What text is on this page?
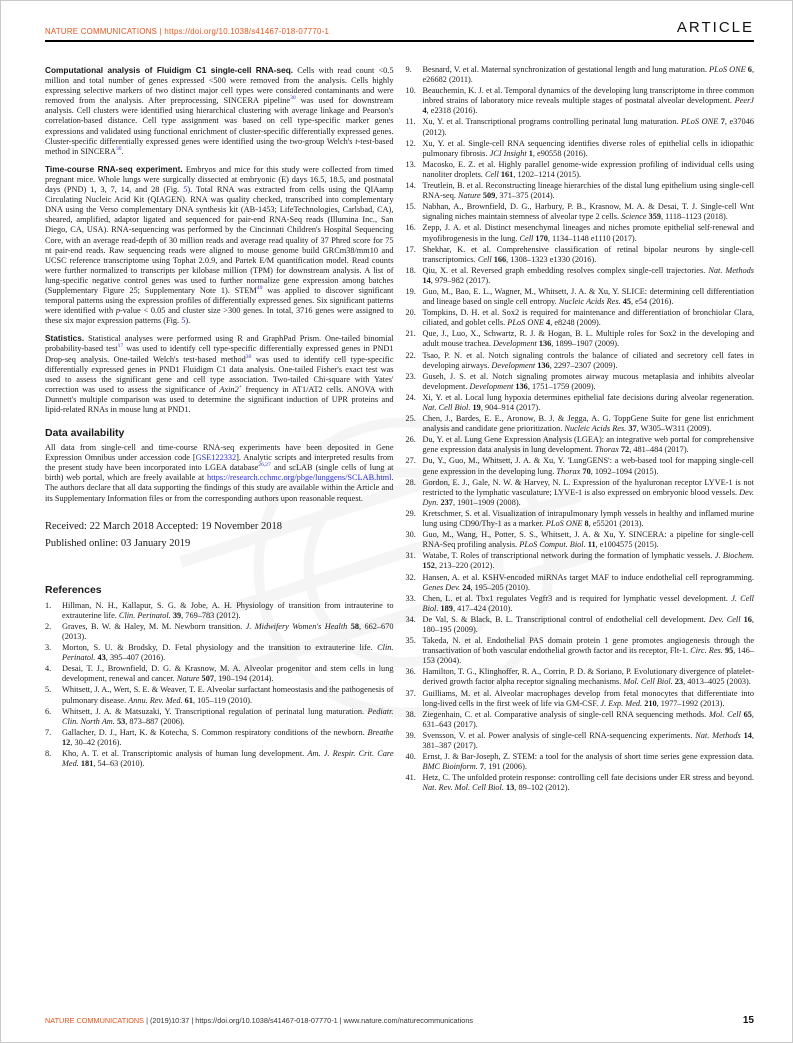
NATURE COMMUNICATIONS | https://doi.org/10.1038/s41467-018-07770-1	ARTICLE

Computational analysis of Fluidigm C1 single-cell RNA-seq. Cells with read count <0.5 million and total number of genes expressed <500 were removed from the analysis. Cells highly expressing selective markers of two distinct major cell types were considered contaminants and were removed from the analysis. After preprocessing, SINCERA pipeline$^{30}$ was used for downstream analysis. Cell clusters were identified using hierarchical clustering with average linkage and Pearson's correlation-based distance. Cell type assignment was based on cell type-specific marker genes expressions and validated using functional enrichment of cluster-specific differentially expressed genes. Cluster-specific differentially expressed genes were identified using the two-group Welch's t-test-based method in SINCERA$^{30}$.

Time-course RNA-seq experiment. Embryos and mice for this study were collected from timed pregnant mice. Whole lungs were surgically dissected at embryonic (E) days 16.5, 18.5, and postnatal days (PND) 1, 3, 7, 14, and 28 (Fig. 5). Total RNA was extracted from cells using the QIAamp Circulating Nucleic Acid Kit (QIAGEN). RNA was quality checked, transcribed into complementary DNA using the Verso complementary DNA synthesis kit (AB-1453; LifeTechnologies, Carlsbad, CA), sheared, amplified, adaptor ligated and sequenced for pair-end RNA-Seq reads (Illumina Inc., San Diego, CA, USA). RNA-sequencing was performed by the Cincinnati Children's Hospital Sequencing Core, with an average read-depth of 30 million reads and average read quality of 37 Phred score for 75 nt pair-end reads. Raw sequencing reads were aligned to mouse genome build GRCm38/mm10 and UCSC reference transcriptome using Tophat 2.0.9, and Partek E/M quantification model. Read counts were further normalized to transcripts per kilobase million (TPM) for downstream analysis. A list of lung-specific negative control genes was used to further normalize gene expression among batches (Supplementary Figure 25; Supplementary Note 1). STEM$^{40}$ was applied to discover significant temporal patterns using the expression profiles of differentially expressed genes. Six significant patterns were identified with p-value < 0.05 and cluster size >300 genes. In total, 3716 genes were assigned to these six major expression patterns (Fig. 5).

Statistics. Statistical analyses were performed using R and GraphPad Prism. One-tailed binomial probability-based test$^{17}$ was used to identify cell type-specific differentially expressed genes in PND1 Drop-seq analysis. One-tailed Welch's test-based method$^{30}$ was used to identify cell type-specific differentially expressed genes in PND1 Fluidigm C1 data analysis. One-tailed Fisher's exact test was used to assess the significant gene and cell type association. Two-tailed Chi-square with Yates' correction was used to assess the significance of Axin2+ frequency in AT1/AT2 cells. ANOVA with Dunnett's multiple comparison was used to determine the significant induction of UPR proteins and lipid-related RNAs in mouse lung at PND1.

Data availability

All data from single-cell and time-course RNA-seq experiments have been deposited in Gene Expression Omnibus under accession code [GSE122332]. Analytic scripts and interpreted results from the present study have been incorporated into LGEA database$^{26,27}$ and scLAB (single cells of lung at birth) web portal, which are freely available at https://research.cchmc.org/pbge/lunggens/SCLAB.html. The authors declare that all data supporting the findings of this study are available within the Article and its Supplementary Information files or from the corresponding authors upon reasonable request.

Received: 22 March 2018 Accepted: 19 November 2018
Published online: 03 January 2019
References
1.	Hillman, N. H., Kallapur, S. G. & Jobe, A. H. Physiology of transition from intrauterine to extrauterine life. Clin. Perinatol. 39, 769–783 (2012).
2.	Graves, B. W. & Haley, M. M. Newborn transition. J. Midwifery Women's Health 58, 662–670 (2013).
3.	Morton, S. U. & Brodsky, D. Fetal physiology and the transition to extrauterine life. Clin. Perinatol. 43, 395–407 (2016).
4.	Desai, T. J., Brownfield, D. G. & Krasnow, M. A. Alveolar progenitor and stem cells in lung development, renewal and cancer. Nature 507, 190–194 (2014).
5.	Whitsett, J. A., Wert, S. E. & Weaver, T. E. Alveolar surfactant homeostasis and the pathogenesis of pulmonary disease. Annu. Rev. Med. 61, 105–119 (2010).
6.	Whitsett, J. A. & Matsuzaki, Y. Transcriptional regulation of perinatal lung maturation. Pediatr. Clin. North Am. 53, 873–887 (2006).
7.	Gallacher, D. J., Hart, K. & Kotecha, S. Common respiratory conditions of the newborn. Breathe 12, 30–42 (2016).
8.	Kho, A. T. et al. Transcriptomic analysis of human lung development. Am. J. Respir. Crit. Care Med. 181, 54–63 (2010).
9.	Besnard, V. et al. Maternal synchronization of gestational length and lung maturation. PLoS ONE 6, e26682 (2011).
10. Beauchemin, K. J. et al. Temporal dynamics of the developing lung transcriptome in three common inbred strains of laboratory mice reveals multiple stages of postnatal alveolar development. PeerJ 4, e2318 (2016).
11. Xu, Y. et al. Transcriptional programs controlling perinatal lung maturation. PLoS ONE 7, e37046 (2012).
12. Xu, Y. et al. Single-cell RNA sequencing identifies diverse roles of epithelial cells in idiopathic pulmonary fibrosis. JCI Insight 1, e90558 (2016).
13. Macosko, E. Z. et al. Highly parallel genome-wide expression profiling of individual cells using nanoliter droplets. Cell 161, 1202–1214 (2015).
14. Treutlein, B. et al. Reconstructing lineage hierarchies of the distal lung epithelium using single-cell RNA-seq. Nature 509, 371–375 (2014).
15. Nabhan, A., Brownfield, D. G., Harbury, P. B., Krasnow, M. A. & Desai, T. J. Single-cell Wnt signaling niches maintain stemness of alveolar type 2 cells. Science 359, 1118–1123 (2018).
16. Zepp, J. A. et al. Distinct mesenchymal lineages and niches promote epithelial self-renewal and myofibrogenesis in the lung. Cell 170, 1134–1148 e1110 (2017).
17. Shekhar, K. et al. Comprehensive classification of retinal bipolar neurons by single-cell transcriptomics. Cell 166, 1308–1323 e1330 (2016).
18. Qiu, X. et al. Reversed graph embedding resolves complex single-cell trajectories. Nat. Methods 14, 979–982 (2017).
19. Guo, M., Bao, E. L., Wagner, M., Whitsett, J. A. & Xu, Y. SLICE: determining cell differentiation and lineage based on single cell entropy. Nucleic Acids Res. 45, e54 (2016).
20. Tompkins, D. H. et al. Sox2 is required for maintenance and differentiation of bronchiolar Clara, ciliated, and goblet cells. PLoS ONE 4, e8248 (2009).
21. Que, J., Luo, X., Schwartz, R. J. & Hogan, B. L. Multiple roles for Sox2 in the developing and adult mouse trachea. Development 136, 1899–1907 (2009).
22. Tsao, P. N. et al. Notch signaling controls the balance of ciliated and secretory cell fates in developing airways. Development 136, 2297–2307 (2009).
23. Guseh, J. S. et al. Notch signaling promotes airway mucous metaplasia and inhibits alveolar development. Development 136, 1751–1759 (2009).
24. Xi, Y. et al. Local lung hypoxia determines epithelial fate decisions during alveolar regeneration. Nat. Cell Biol. 19, 904–914 (2017).
25. Chen, J., Bardes, E. E., Aronow, B. J. & Jegga, A. G. ToppGene Suite for gene list enrichment analysis and candidate gene prioritization. Nucleic Acids Res. 37, W305–W311 (2009).
26. Du, Y. et al. Lung Gene Expression Analysis (LGEA): an integrative web portal for comprehensive gene expression data analysis in lung development. Thorax 72, 481–484 (2017).
27. Du, Y., Guo, M., Whitsett, J. A. & Xu, Y. 'LungGENS': a web-based tool for mapping single-cell gene expression in the developing lung. Thorax 70, 1092–1094 (2015).
28. Gordon, E. J., Gale, N. W. & Harvey, N. L. Expression of the hyaluronan receptor LYVE-1 is not restricted to the lymphatic vasculature; LYVE-1 is also expressed on embryonic blood vessels. Dev. Dyn. 237, 1901–1909 (2008).
29. Kretschmer, S. et al. Visualization of intrapulmonary lymph vessels in healthy and inflamed murine lung using CD90/Thy-1 as a marker. PLoS ONE 8, e55201 (2013).
30. Guo, M., Wang, H., Potter, S. S., Whitsett, J. A. & Xu, Y. SINCERA: a pipeline for single-cell RNA-Seq profiling analysis. PLoS Comput. Biol. 11, e1004575 (2015).
31. Watabe, T. Roles of transcriptional network during the formation of lymphatic vessels. J. Biochem. 152, 213–220 (2012).
32. Hansen, A. et al. KSHV-encoded miRNAs target MAF to induce endothelial cell reprogramming. Genes Dev. 24, 195–205 (2010).
33. Chen, L. et al. Tbx1 regulates Vegfr3 and is required for lymphatic vessel development. J. Cell Biol. 189, 417–424 (2010).
34. De Val, S. & Black, B. L. Transcriptional control of endothelial cell development. Dev. Cell 16, 180–195 (2009).
35. Takeda, N. et al. Endothelial PAS domain protein 1 gene promotes angiogenesis through the transactivation of both vascular endothelial growth factor and its receptor, Flt-1. Circ. Res. 95, 146–153 (2004).
36. Hamilton, T. G., Klinghoffer, R. A., Corrin, P. D. & Soriano, P. Evolutionary divergence of platelet-derived growth factor alpha receptor signaling mechanisms. Mol. Cell Biol. 23, 4013–4025 (2003).
37. Guilliams, M. et al. Alveolar macrophages develop from fetal monocytes that differentiate into long-lived cells in the first week of life via GM-CSF. J. Exp. Med. 210, 1977–1992 (2013).
38. Ziegenhain, C. et al. Comparative analysis of single-cell RNA sequencing methods. Mol. Cell 65, 631–643 (2017).
39. Svensson, V. et al. Power analysis of single-cell RNA-sequencing experiments. Nat. Methods 14, 381–387 (2017).
40. Ernst, J. & Bar-Joseph, Z. STEM: a tool for the analysis of short time series gene expression data. BMC Bioinform. 7, 191 (2006).
41. Hetz, C. The unfolded protein response: controlling cell fate decisions under ER stress and beyond. Nat. Rev. Mol. Cell Biol. 13, 89–102 (2012).
NATURE COMMUNICATIONS | (2019)10:37 | https://doi.org/10.1038/s41467-018-07770-1 | www.nature.com/naturecommunications	15
